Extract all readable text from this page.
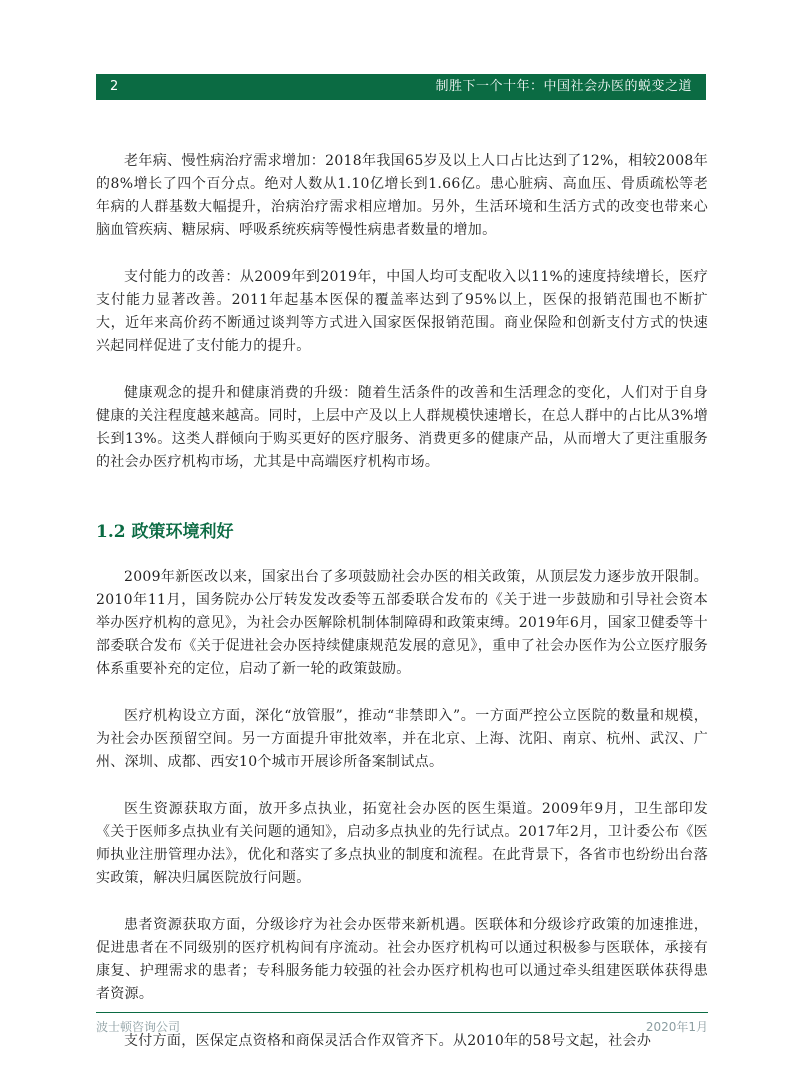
2	制胜下一个十年：中国社会办医的蜕变之道

老年病、慢性病治疗需求增加：2018年我国65岁及以上人口占比达到了12%，相较2008年的8%增长了四个百分点。绝对人数从1.10亿增长到1.66亿。患心脏病、高血压、骨质疏松等老年病的人群基数大幅提升，治病治疗需求相应增加。另外，生活环境和生活方式的改变也带来心脑血管疾病、糖尿病、呼吸系统疾病等慢性病患者数量的增加。

支付能力的改善：从2009年到2019年，中国人均可支配收入以11%的速度持续增长，医疗支付能力显著改善。2011年起基本医保的覆盖率达到了95%以上，医保的报销范围也不断扩大，近年来高价药不断通过谈判等方式进入国家医保报销范围。商业保险和创新支付方式的快速兴起同样促进了支付能力的提升。

健康观念的提升和健康消费的升级：随着生活条件的改善和生活理念的变化，人们对于自身健康的关注程度越来越高。同时，上层中产及以上人群规模快速增长，在总人群中的占比从3%增长到13%。这类人群倾向于购买更好的医疗服务、消费更多的健康产品，从而增大了更注重服务的社会办医疗机构市场，尤其是中高端医疗机构市场。

1.2 政策环境利好

2009年新医改以来，国家出台了多项鼓励社会办医的相关政策，从顶层发力逐步放开限制。2010年11月，国务院办公厅转发发改委等五部委联合发布的《关于进一步鼓励和引导社会资本举办医疗机构的意见》，为社会办医解除机制体制障碍和政策束缚。2019年6月，国家卫健委等十部委联合发布《关于促进社会办医持续健康规范发展的意见》，重申了社会办医作为公立医疗服务体系重要补充的定位，启动了新一轮的政策鼓励。

医疗机构设立方面，深化“放管服”，推动“非禁即入”。一方面严控公立医院的数量和规模，为社会办医预留空间。另一方面提升审批效率，并在北京、上海、沈阳、南京、杭州、武汉、广州、深圳、成都、西安10个城市开展诊所备案制试点。

医生资源获取方面，放开多点执业，拓宽社会办医的医生渠道。2009年9月，卫生部印发《关于医师多点执业有关问题的通知》，启动多点执业的先行试点。2017年2月，卫计委公布《医师执业注册管理办法》，优化和落实了多点执业的制度和流程。在此背景下，各省市也纷纷出台落实政策，解决归属医院放行问题。

患者资源获取方面，分级诊疗为社会办医带来新机遇。医联体和分级诊疗政策的加速推进，促进患者在不同级别的医疗机构间有序流动。社会办医疗机构可以通过积极参与医联体，承接有康复、护理需求的患者；专科服务能力较强的社会办医疗机构也可以通过牵头组建医联体获得患者资源。

支付方面，医保定点资格和商保灵活合作双管齐下。从2010年的58号文起，社会办

波士顿咨询公司	2020年1月
